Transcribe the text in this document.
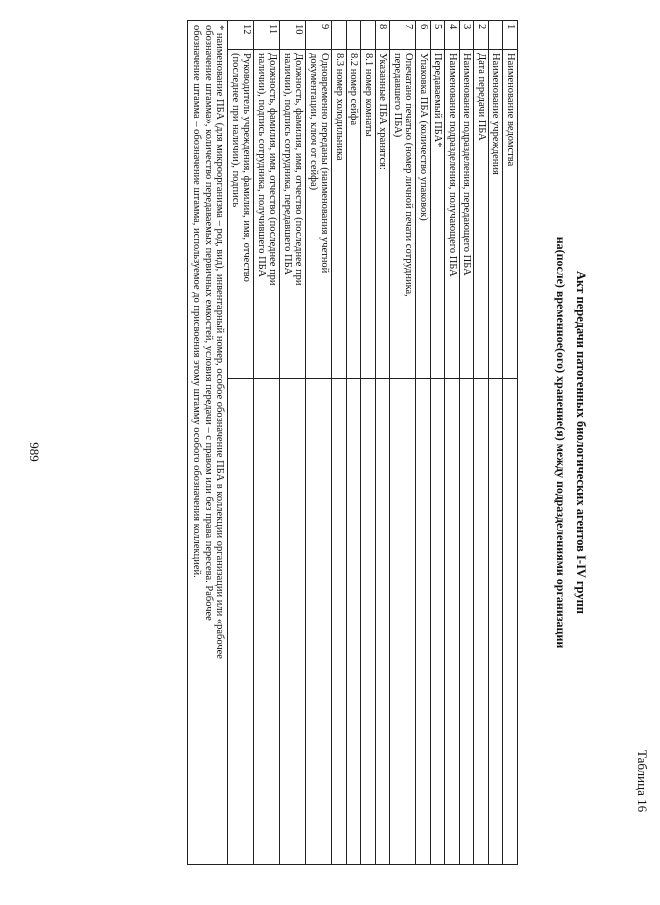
Таблица 16
Акт передачи патогенных биологических агентов I-IV групп
на(после) временное(ого) хранение(я) между подразделениями организации
1	Наименование ведомства	

	Наименование учреждения	

2	Дата передачи ПБА	

3	Наименование подразделения, передающего ПБА	

4	Наименование подразделения, получающего ПБА	

5	Передаваемый ПБА*	

6	Упаковка ПБА (количество упаковок)	

7	Опечатано печатью (номер личной печати сотрудника,
передавшего ПБА)	

8	Указанные ПБА хранятся:	

	8.1 номер комнаты	

	8.2 номер сейфа	

	8.3 номер холодильника	

9	Одновременно переданы (наименования учетной
документации, ключ от сейфа)	

10	Должность, фамилия, имя, отчество (последнее при
наличии), подпись сотрудника, передавшего ПБА	

11	Должность, фамилия, имя, отчество (последнее при
наличии), подпись сотрудника, получившего ПБА	

12	Руководитель учреждения, фамилия, имя, отчество
(последнее при наличии), подпись	

* наименование ПБА (для микроорганизма – род, вид), инвентарный номер, особое обозначение ПБА в коллекции организации или «рабочее
обозначение штамма», количество передаваемых первичных емкостей, условия передачи – с правом или без права пересева. Рабочее
обозначение штамма – обозначение штамма, используемое до присвоения этому штамму особого обозначения коллекцией.		
989
